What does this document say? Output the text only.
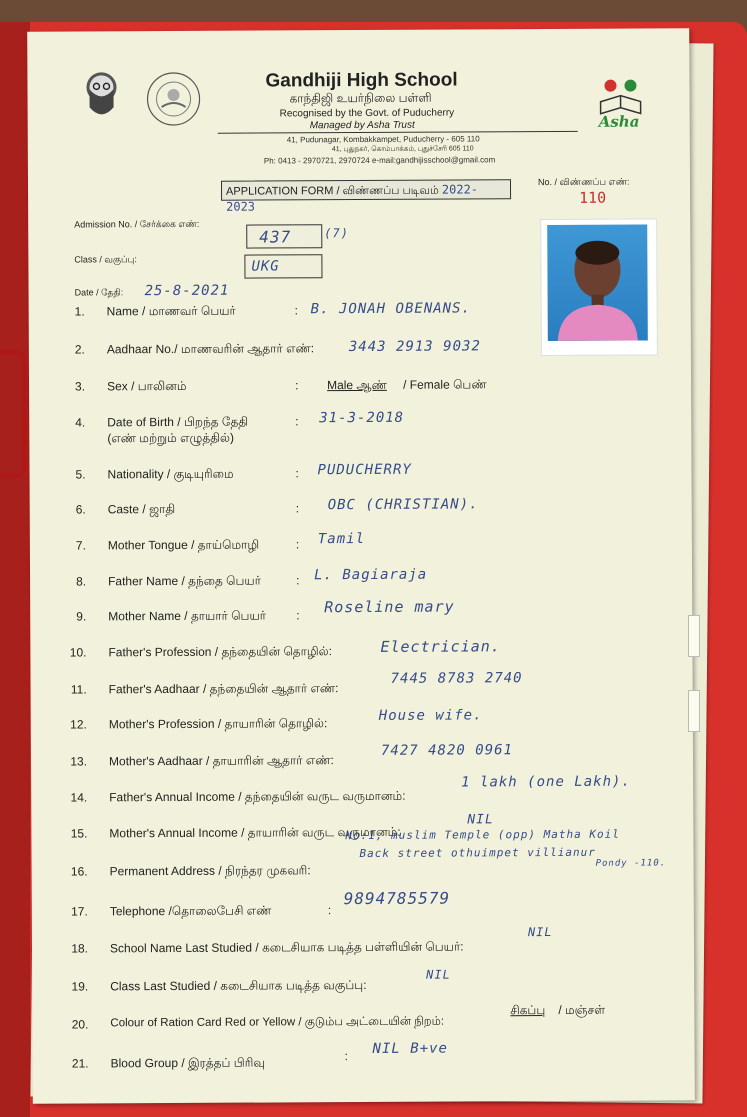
Asha
Gandhiji High School
காந்திஜி உயர்நிலை பள்ளி
Recognised by the Govt. of Puducherry
Managed by Asha Trust
41, Pudunagar, Kombakkampet, Puducherry - 605 110
41, புதுநகர், கொம்பாக்கம், புதுச்சேரி 605 110
Ph: 0413 - 2970721, 2970724 e-mail:gandhijisschool@gmail.com
APPLICATION FORM / விண்ணப்ப படிவம் 2022-2023
No. / விண்ணப்ப எண்:
110
Admission No. / சேர்க்கை எண்:
437	(7)
Class / வகுப்பு:	UKG
Date / தேதி: 25-8-2021
1. Name / மாணவர் பெயர்	: B. JONAH OBENANS.
2. Aadhaar No./ மாணவரின் ஆதார் எண்: 3443 2913 9032
3. Sex / பாலினம்	: Male ஆண் / Female பெண்
4. Date of Birth / பிறந்த தேதி
(எண் மற்றும் எழுத்தில்)
: 31-3-2018
5. Nationality / குடியுரிமை	: PUDUCHERRY
6. Caste / ஜாதி	: OBC (CHRISTIAN).
7. Mother Tongue / தாய்மொழி	: Tamil
8. Father Name / தந்தை பெயர்	: L. Bagiaraja
9. Mother Name / தாயார் பெயர்	: Roseline mary
10. Father's Profession / தந்தையின் தொழில்:	Electrician.
11. Father's Aadhaar / தந்தையின் ஆதார் எண்:
7445 8783 2740
12. Mother's Profession / தாயாரின் தொழில்:	House wife.
13. Mother's Aadhaar / தாயாரின் ஆதார் எண்:
7427 4820 0961
14. Father's Annual Income / தந்தையின் வருட வருமானம்:
1 lakh (one Lakh).
15. Mother's Annual Income / தாயாரின் வருட வருமானம்:
NIL
16. Permanent Address / நிரந்தர முகவரி:
No:1, muslim Temple (opp) Matha Koil
Back street othuimpet villianur
Pondy -110.
17. Telephone /தொலைபேசி எண்	:
9894785579
18. School Name Last Studied / கடைசியாக படித்த பள்ளியின் பெயர்:
NIL
19. Class Last Studied / கடைசியாக படித்த வகுப்பு:
NIL
20. Colour of Ration Card Red or Yellow / குடும்ப அட்டையின் நிறம்:
சிகப்பு / மஞ்சள்
21. Blood Group / இரத்தப் பிரிவு	: NIL B+ve
